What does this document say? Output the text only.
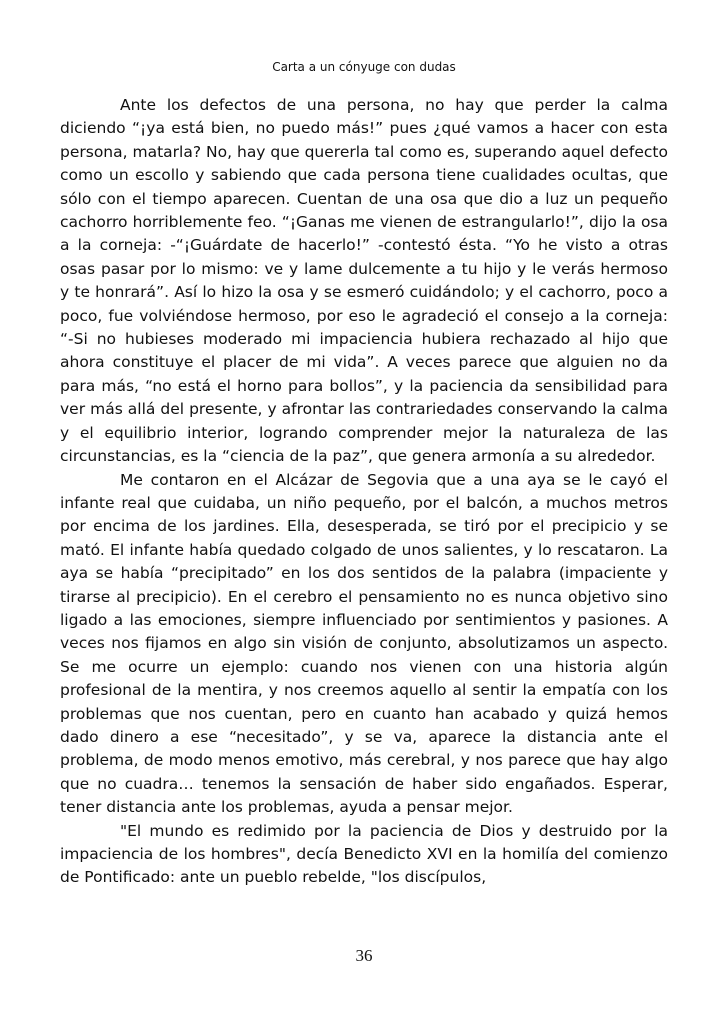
Carta a un cónyuge con dudas

Ante los defectos de una persona, no hay que perder la calma diciendo “¡ya está bien, no puedo más!” pues ¿qué vamos a hacer con esta persona, matarla? No, hay que quererla tal como es, superando aquel defecto como un escollo y sabiendo que cada persona tiene cualidades ocultas, que sólo con el tiempo aparecen. Cuentan de una osa que dio a luz un pequeño cachorro horriblemente feo. “¡Ganas me vienen de estrangularlo!”, dijo la osa a la corneja: -“¡Guárdate de hacerlo!” -contestó ésta. “Yo he visto a otras osas pasar por lo mismo: ve y lame dulcemente a tu hijo y le verás hermoso y te honrará”. Así lo hizo la osa y se esmeró cuidándolo; y el cachorro, poco a poco, fue volviéndose hermoso, por eso le agradeció el consejo a la corneja: “-Si no hubieses moderado mi impaciencia hubiera rechazado al hijo que ahora constituye el placer de mi vida”. A veces parece que alguien no da para más, “no está el horno para bollos”, y la paciencia da sensibilidad para ver más allá del presente, y afrontar las contrariedades conservando la calma y el equilibrio interior, logrando comprender mejor la naturaleza de las circunstancias, es la “ciencia de la paz”, que genera armonía a su alrededor.

Me contaron en el Alcázar de Segovia que a una aya se le cayó el infante real que cuidaba, un niño pequeño, por el balcón, a muchos metros por encima de los jardines. Ella, desesperada, se tiró por el precipicio y se mató. El infante había quedado colgado de unos salientes, y lo rescataron. La aya se había “precipitado” en los dos sentidos de la palabra (impaciente y tirarse al precipicio). En el cerebro el pensamiento no es nunca objetivo sino ligado a las emociones, siempre influenciado por sentimientos y pasiones. A veces nos fijamos en algo sin visión de conjunto, absolutizamos un aspecto. Se me ocurre un ejemplo: cuando nos vienen con una historia algún profesional de la mentira, y nos creemos aquello al sentir la empatía con los problemas que nos cuentan, pero en cuanto han acabado y quizá hemos dado dinero a ese “necesitado”, y se va, aparece la distancia ante el problema, de modo menos emotivo, más cerebral, y nos parece que hay algo que no cuadra… tenemos la sensación de haber sido engañados. Esperar, tener distancia ante los problemas, ayuda a pensar mejor.

"El mundo es redimido por la paciencia de Dios y destruido por la impaciencia de los hombres", decía Benedicto XVI en la homilía del comienzo de Pontificado: ante un pueblo rebelde, "los discípulos,

36
